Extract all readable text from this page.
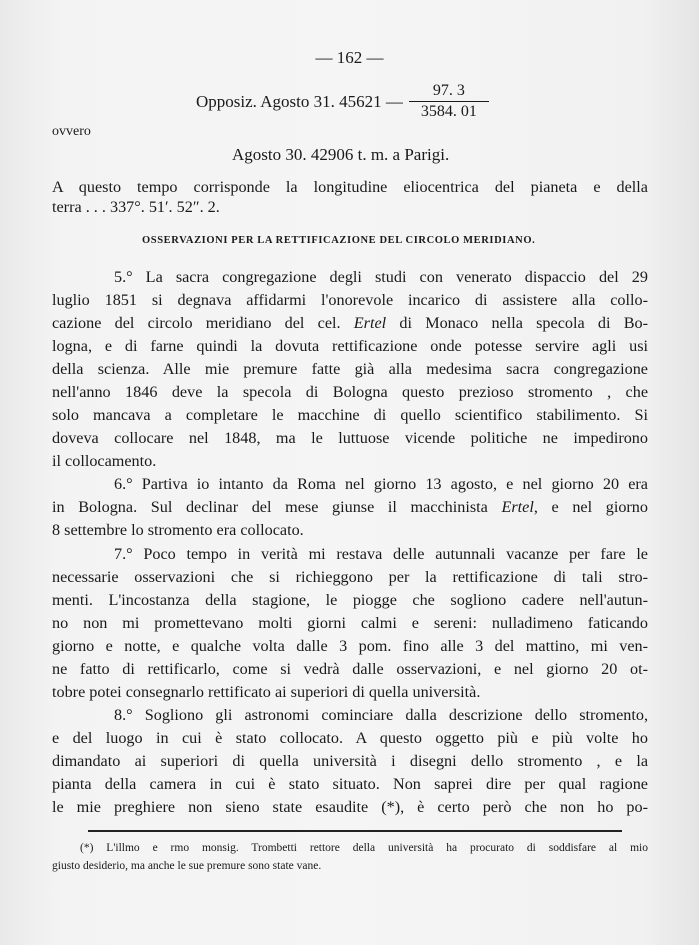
— 162 —
Opposiz. Agosto 31. 45621 — $\frac{97. 3}{3584. 01}$
ovvero
Agosto 30. 42906 t. m. a Parigi.
A questo tempo corrisponde la longitudine eliocentrica del pianeta e della
terra . . . 337°. 51′. 52″. 2.
OSSERVAZIONI PER LA RETTIFICAZIONE DEL CIRCOLO MERIDIANO.
5.° La sacra congregazione degli studi con venerato dispaccio del 29
luglio 1851 si degnava affidarmi l'onorevole incarico di assistere alla collo-
cazione del circolo meridiano del cel. Ertel di Monaco nella specola di Bo-
logna, e di farne quindi la dovuta rettificazione onde potesse servire agli usi
della scienza. Alle mie premure fatte già alla medesima sacra congregazione
nell'anno 1846 deve la specola di Bologna questo prezioso stromento , che
solo mancava a completare le macchine di quello scientifico stabilimento. Si
doveva collocare nel 1848, ma le luttuose vicende politiche ne impedirono
il collocamento.
6.° Partiva io intanto da Roma nel giorno 13 agosto, e nel giorno 20 era
in Bologna. Sul declinar del mese giunse il macchinista Ertel, e nel giorno
8 settembre lo stromento era collocato.
7.° Poco tempo in verità mi restava delle autunnali vacanze per fare le
necessarie osservazioni che si richieggono per la rettificazione di tali stro-
menti. L'incostanza della stagione, le piogge che sogliono cadere nell'autun-
no non mi promettevano molti giorni calmi e sereni: nulladimeno faticando
giorno e notte, e qualche volta dalle 3 pom. fino alle 3 del mattino, mi ven-
ne fatto di rettificarlo, come si vedrà dalle osservazioni, e nel giorno 20 ot-
tobre potei consegnarlo rettificato ai superiori di quella università.
8.° Sogliono gli astronomi cominciare dalla descrizione dello stromento,
e del luogo in cui è stato collocato. A questo oggetto più e più volte ho
dimandato ai superiori di quella università i disegni dello stromento , e la
pianta della camera in cui è stato situato. Non saprei dire per qual ragione
le mie preghiere non sieno state esaudite (*), è certo però che non ho po-
(*) L'illmo e rmo monsig. Trombetti rettore della università ha procurato di soddisfare al mio
giusto desiderio, ma anche le sue premure sono state vane.
